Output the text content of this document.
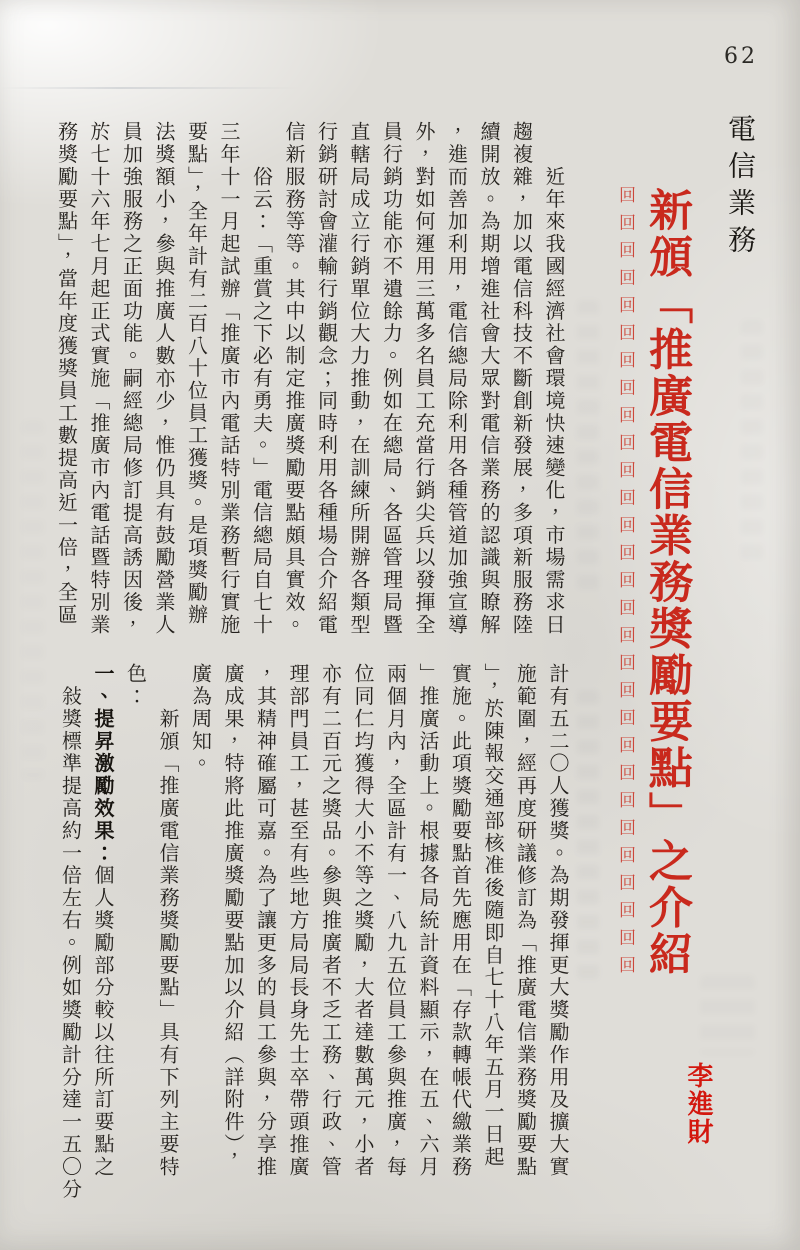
62
電信業務
回回回回回回回回回回回回回回回回回回回回回回回回回回回回回 新頒「推廣電信業務獎勵要點」之介紹
李進財
　　近年來我國經濟社會環境快速變化，市場需求日
趨複雜，加以電信科技不斷創新發展，多項新服務陸
續開放。為期增進社會大眾對電信業務的認識與瞭解
，進而善加利用，電信總局除利用各種管道加強宣導
外，對如何運用三萬多名員工充當行銷尖兵以發揮全
員行銷功能亦不遺餘力。例如在總局、各區管理局暨
直轄局成立行銷單位大力推動，在訓練所開辦各類型
行銷研討會灌輸行銷觀念；同時利用各種場合介紹電
信新服務等等。其中以制定推廣獎勵要點頗具實效。
　　俗云：「重賞之下必有勇夫。」電信總局自七十
三年十一月起試辦「推廣市內電話特別業務暫行實施
要點」，全年計有二百八十位員工獲獎。是項獎勵辦
法獎額小，參與推廣人數亦少，惟仍具有鼓勵營業人
員加強服務之正面功能。嗣經總局修訂提高誘因後，
於七十六年七月起正式實施「推廣市內電話暨特別業
務獎勵要點」，當年度獲獎員工數提高近一倍，全區
計有五二〇人獲獎。為期發揮更大獎勵作用及擴大實
施範圍，經再度研議修訂為「推廣電信業務獎勵要點
」，於陳報交通部核准後隨即自七十八年五月一日起
實施。此項獎勵要點首先應用在「存款轉帳代繳業務
」推廣活動上。根據各局統計資料顯示，在五、六月
兩個月內，全區計有一、八九五位員工參與推廣，每
位同仁均獲得大小不等之獎勵，大者達數萬元，小者
亦有二百元之獎品。參與推廣者不乏工務、行政、管
理部門員工，甚至有些地方局局長身先士卒帶頭推廣
，其精神確屬可嘉。為了讓更多的員工參與，分享推
廣成果，特將此推廣獎勵要點加以介紹（詳附件），
廣為周知。
　　新頒「推廣電信業務獎勵要點」具有下列主要特
色：
一、提昇激勵效果：個人獎勵部分較以往所訂要點之
　敍獎標準提高約一倍左右。例如獎勵計分達一五〇分
